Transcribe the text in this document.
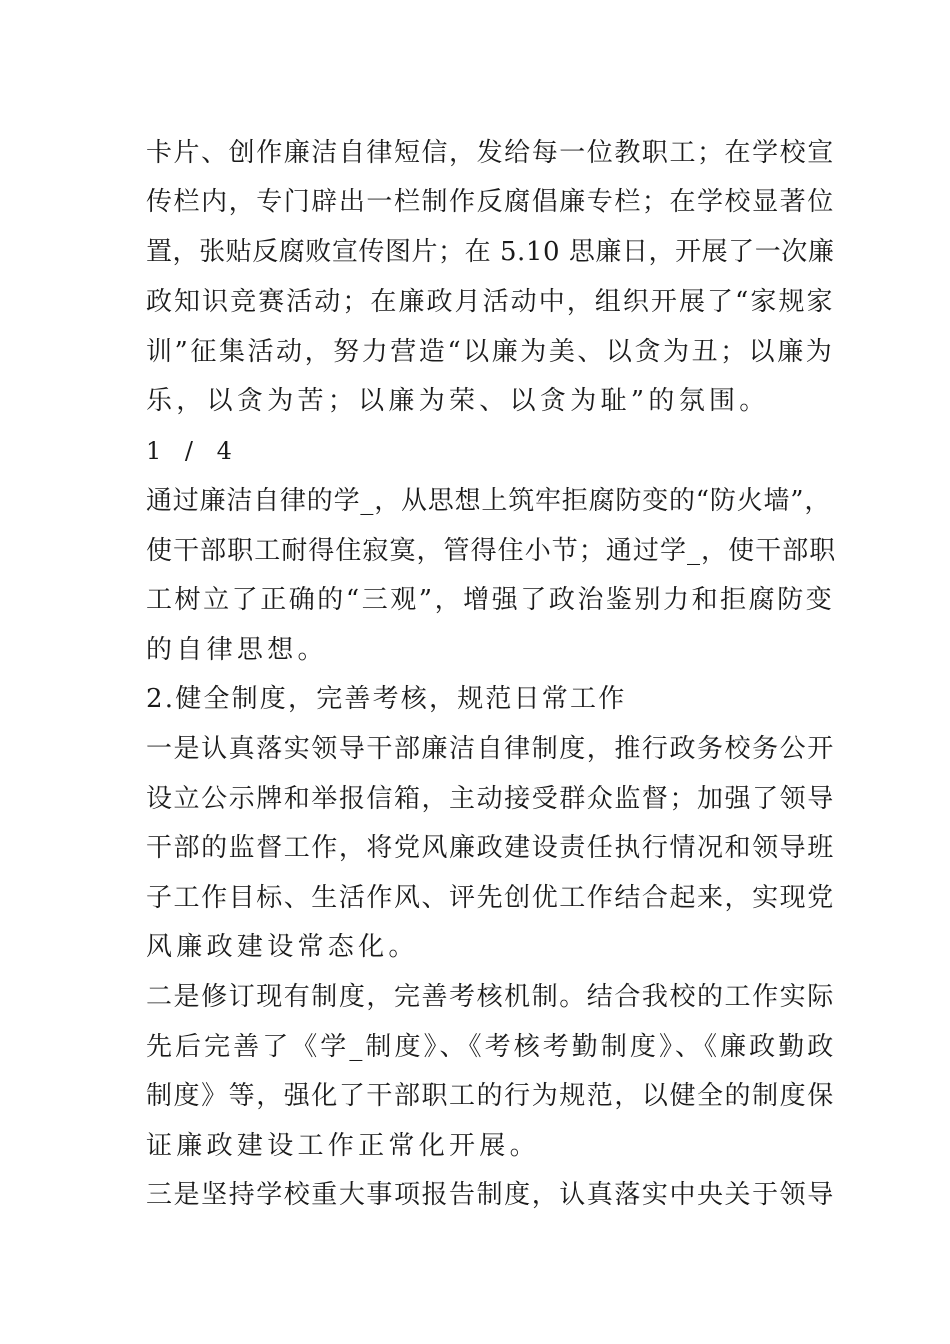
卡片、创作廉洁自律短信，发给每一位教职工；在学校宣
传栏内，专门辟出一栏制作反腐倡廉专栏；在学校显著位
置，张贴反腐败宣传图片；在 5.10 思廉日，开展了一次廉
政知识竞赛活动；在廉政月活动中，组织开展了“家规家
训”征集活动，努力营造“以廉为美、以贪为丑；以廉为
乐，以贪为苦；以廉为荣、以贪为耻”的氛围。
1 / 4
通过廉洁自律的学_，从思想上筑牢拒腐防变的“防火墙”，
使干部职工耐得住寂寞，管得住小节；通过学_，使干部职
工树立了正确的“三观”，增强了政治鉴别力和拒腐防变
的自律思想。
2.健全制度，完善考核，规范日常工作
一是认真落实领导干部廉洁自律制度，推行政务校务公开
设立公示牌和举报信箱，主动接受群众监督；加强了领导
干部的监督工作，将党风廉政建设责任执行情况和领导班
子工作目标、生活作风、评先创优工作结合起来，实现党
风廉政建设常态化。
二是修订现有制度，完善考核机制。结合我校的工作实际
先后完善了《学_制度》、《考核考勤制度》、《廉政勤政
制度》等，强化了干部职工的行为规范，以健全的制度保
证廉政建设工作正常化开展。
三是坚持学校重大事项报告制度，认真落实中央关于领导
